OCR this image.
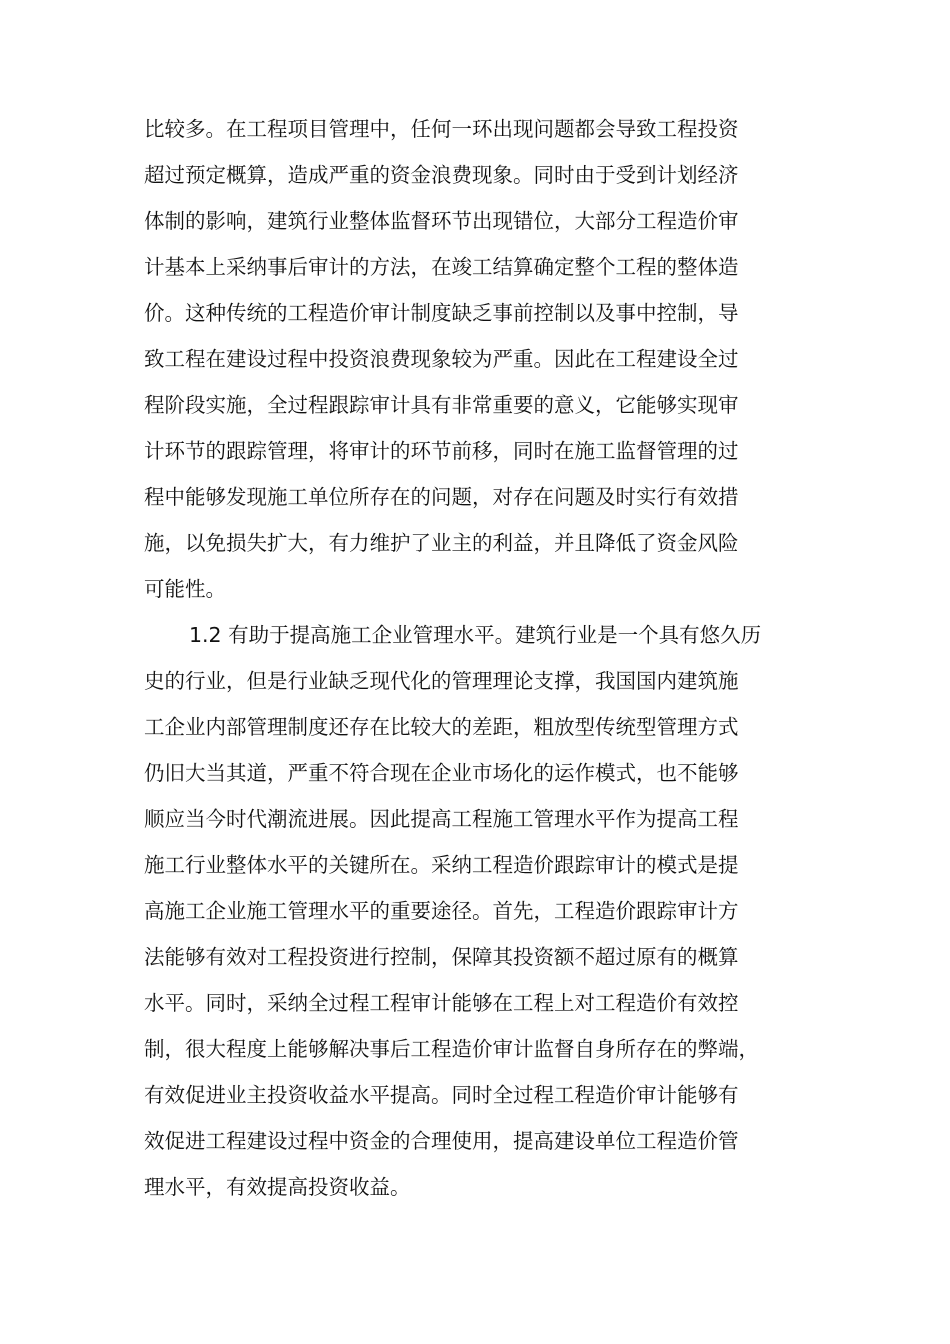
比较多。在工程项目管理中，任何一环出现问题都会导致工程投资
超过预定概算，造成严重的资金浪费现象。同时由于受到计划经济
体制的影响，建筑行业整体监督环节出现错位，大部分工程造价审
计基本上采纳事后审计的方法，在竣工结算确定整个工程的整体造
价。这种传统的工程造价审计制度缺乏事前控制以及事中控制，导
致工程在建设过程中投资浪费现象较为严重。因此在工程建设全过
程阶段实施，全过程跟踪审计具有非常重要的意义，它能够实现审
计环节的跟踪管理，将审计的环节前移，同时在施工监督管理的过
程中能够发现施工单位所存在的问题，对存在问题及时实行有效措
施，以免损失扩大，有力维护了业主的利益，并且降低了资金风险
可能性。
1.2 有助于提高施工企业管理水平。建筑行业是一个具有悠久历
史的行业，但是行业缺乏现代化的管理理论支撑，我国国内建筑施
工企业内部管理制度还存在比较大的差距，粗放型传统型管理方式
仍旧大当其道，严重不符合现在企业市场化的运作模式，也不能够
顺应当今时代潮流进展。因此提高工程施工管理水平作为提高工程
施工行业整体水平的关键所在。采纳工程造价跟踪审计的模式是提
高施工企业施工管理水平的重要途径。首先，工程造价跟踪审计方
法能够有效对工程投资进行控制，保障其投资额不超过原有的概算
水平。同时，采纳全过程工程审计能够在工程上对工程造价有效控
制，很大程度上能够解决事后工程造价审计监督自身所存在的弊端，
有效促进业主投资收益水平提高。同时全过程工程造价审计能够有
效促进工程建设过程中资金的合理使用，提高建设单位工程造价管
理水平，有效提高投资收益。
